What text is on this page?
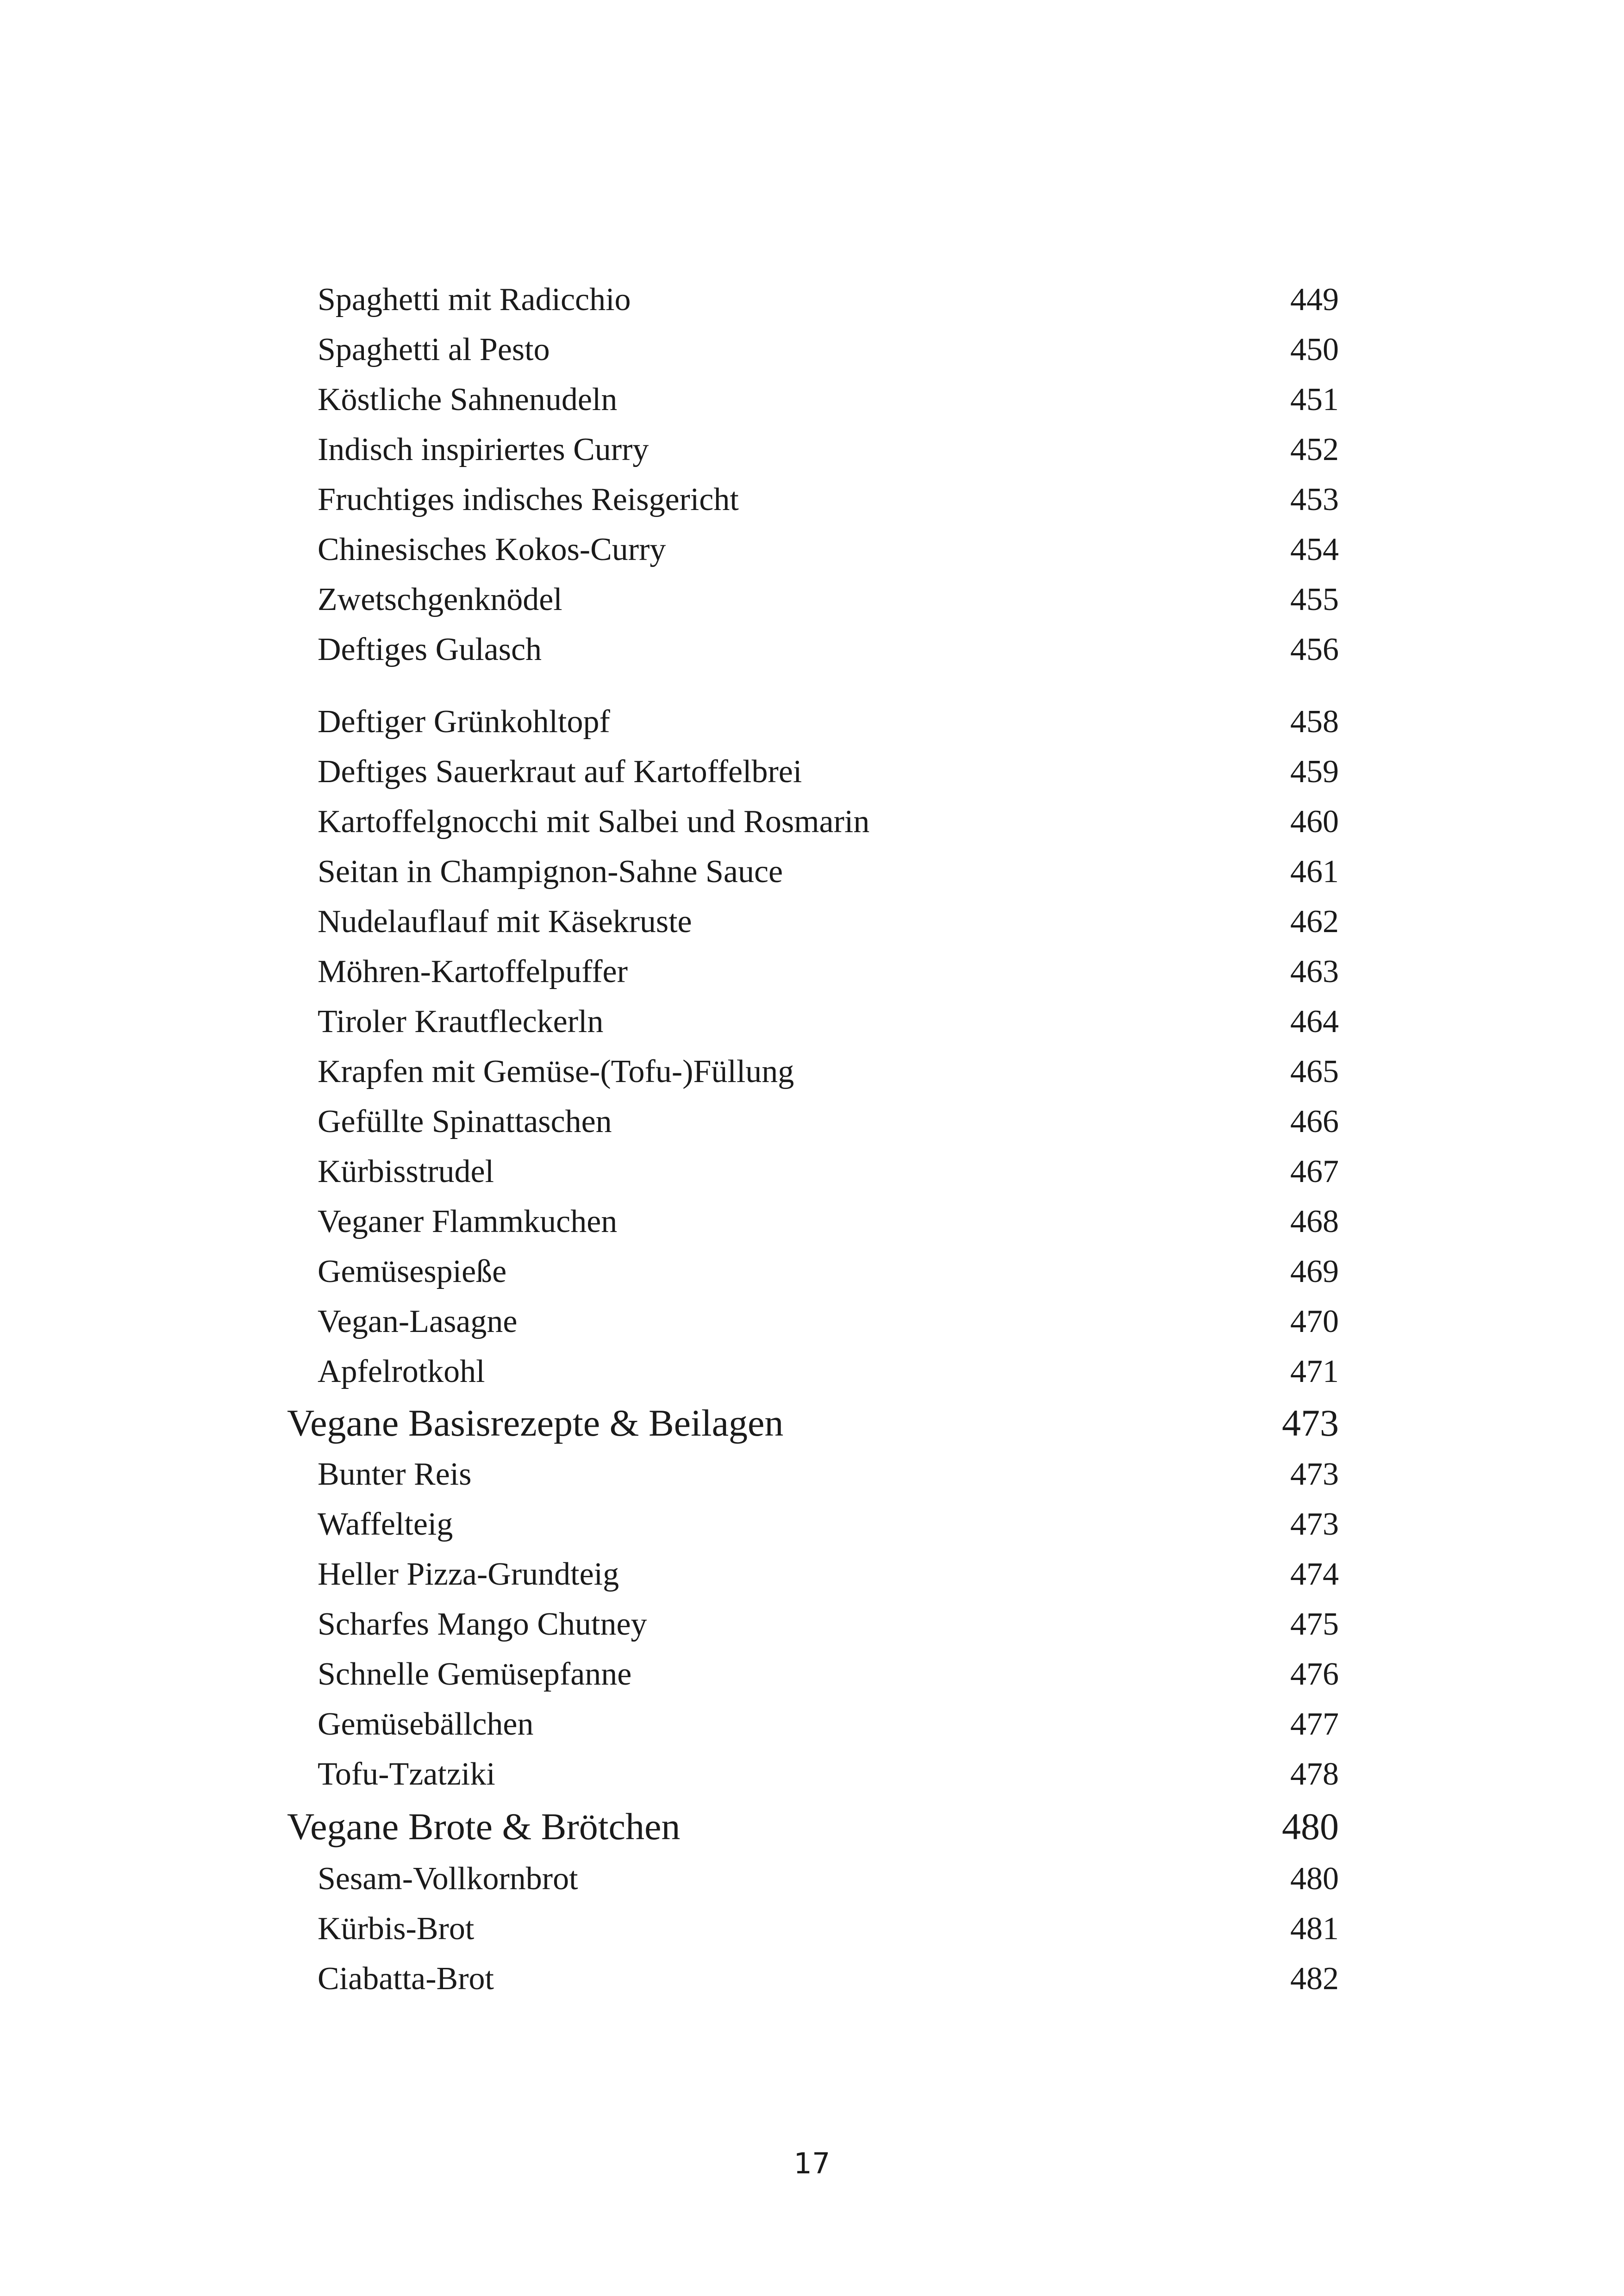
Spaghetti mit Radicchio	449
Spaghetti al Pesto	450
Köstliche Sahnenudeln	451
Indisch inspiriertes Curry	452
Fruchtiges indisches Reisgericht	453
Chinesisches Kokos-Curry	454
Zwetschgenknödel	455
Deftiges Gulasch	456
Deftiger Grünkohltopf	458
Deftiges Sauerkraut auf Kartoffelbrei	459
Kartoffelgnocchi mit Salbei und Rosmarin	460
Seitan in Champignon-Sahne Sauce	461
Nudelauflauf mit Käsekruste	462
Möhren-Kartoffelpuffer	463
Tiroler Krautfleckerln	464
Krapfen mit Gemüse-(Tofu-)Füllung	465
Gefüllte Spinattaschen	466
Kürbisstrudel	467
Veganer Flammkuchen	468
Gemüsespieße	469
Vegan-Lasagne	470
Apfelrotkohl	471
Vegane Basisrezepte & Beilagen	473
Bunter Reis	473
Waffelteig	473
Heller Pizza-Grundteig	474
Scharfes Mango Chutney	475
Schnelle Gemüsepfanne	476
Gemüsebällchen	477
Tofu-Tzatziki	478
Vegane Brote & Brötchen	480
Sesam-Vollkornbrot	480
Kürbis-Brot	481
Ciabatta-Brot	482
17
